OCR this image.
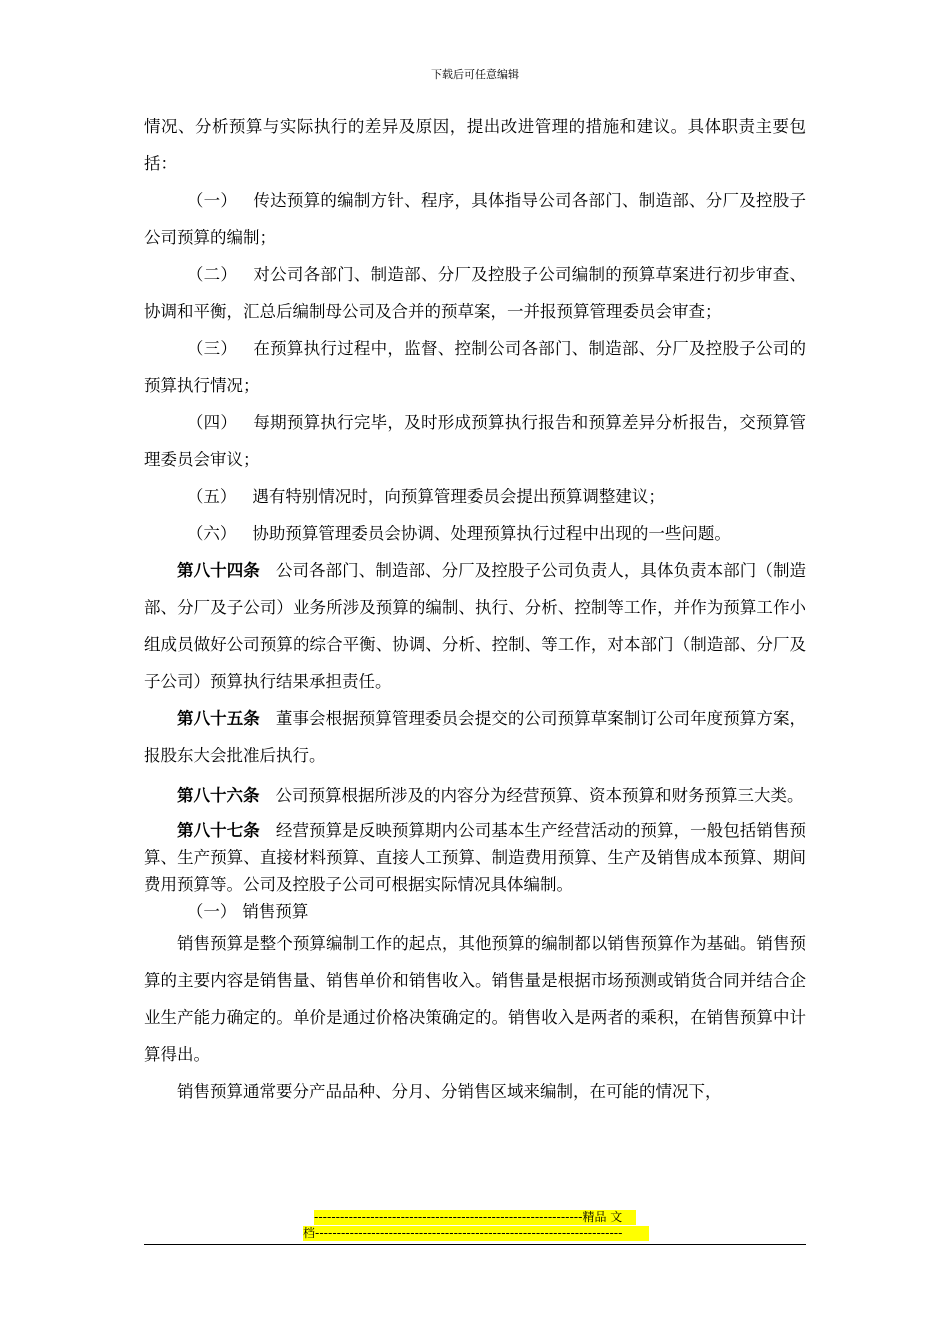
下载后可任意编辑

情况、分析预算与实际执行的差异及原因，提出改进管理的措施和建议。具体职责主要包括：

（一） 传达预算的编制方针、程序，具体指导公司各部门、制造部、分厂及控股子公司预算的编制；

（二） 对公司各部门、制造部、分厂及控股子公司编制的预算草案进行初步审查、协调和平衡，汇总后编制母公司及合并的预草案，一并报预算管理委员会审查；

（三） 在预算执行过程中，监督、控制公司各部门、制造部、分厂及控股子公司的预算执行情况；

（四） 每期预算执行完毕，及时形成预算执行报告和预算差异分析报告，交预算管理委员会审议；

（五） 遇有特别情况时，向预算管理委员会提出预算调整建议；

（六） 协助预算管理委员会协调、处理预算执行过程中出现的一些问题。

第八十四条 公司各部门、制造部、分厂及控股子公司负责人，具体负责本部门（制造部、分厂及子公司）业务所涉及预算的编制、执行、分析、控制等工作，并作为预算工作小组成员做好公司预算的综合平衡、协调、分析、控制、等工作，对本部门（制造部、分厂及子公司）预算执行结果承担责任。

第八十五条 董事会根据预算管理委员会提交的公司预算草案制订公司年度预算方案，报股东大会批准后执行。

第八十六条 公司预算根据所涉及的内容分为经营预算、资本预算和财务预算三大类。

第八十七条 经营预算是反映预算期内公司基本生产经营活动的预算，一般包括销售预算、生产预算、直接材料预算、直接人工预算、制造费用预算、生产及销售成本预算、期间费用预算等。公司及控股子公司可根据实际情况具体编制。

（一） 销售预算

销售预算是整个预算编制工作的起点，其他预算的编制都以销售预算作为基础。销售预算的主要内容是销售量、销售单价和销售收入。销售量是根据市场预测或销货合同并结合企业生产能力确定的。单价是通过价格决策确定的。销售收入是两者的乘积，在销售预算中计算得出。

销售预算通常要分产品品种、分月、分销售区域来编制，在可能的情况下，

--------------------------------------------------------------精品 文
档-----------------------------------------------------------------------
